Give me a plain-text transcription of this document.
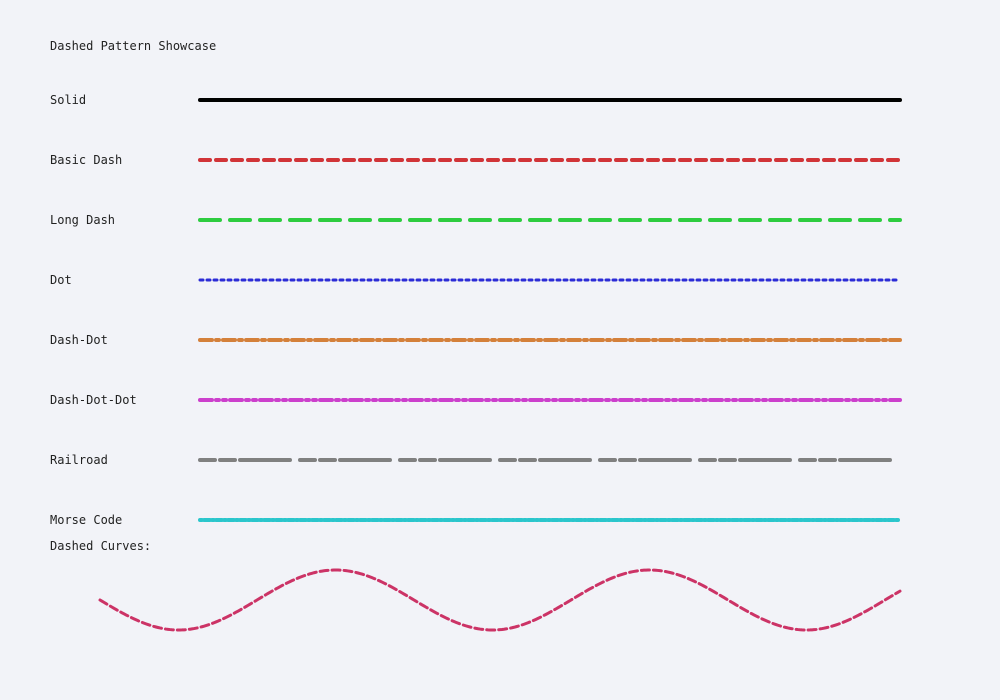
Dashed Pattern Showcase
Solid
Basic Dash
Long Dash
Dot
Dash-Dot
Dash-Dot-Dot
Railroad
Morse Code
Dashed Curves:
